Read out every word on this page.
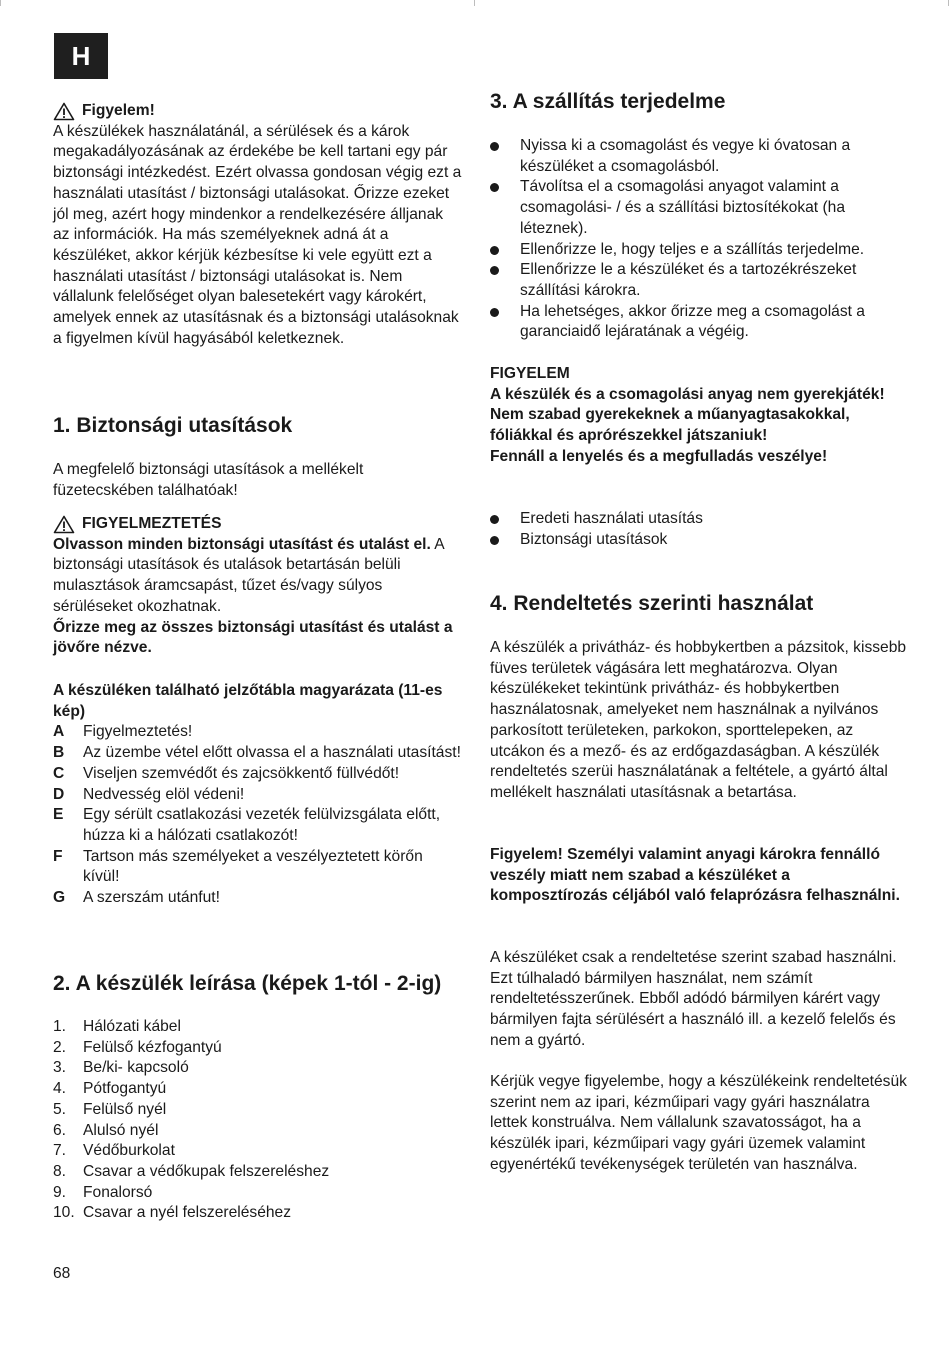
H
Figyelem!

A készülékek használatánál, a sérülések és a károk megakadályozásának az érdekébe be kell tartani egy pár biztonsági intézkedést. Ezért olvassa gondosan végig ezt a használati utasítást / biztonsági utalásokat. Őrizze ezeket jól meg, azért hogy mindenkor a rendelkezésére álljanak az információk. Ha más személyeknek adná át a készüléket, akkor kérjük kézbesítse ki vele együtt ezt a használati utasítást / biztonsági utalásokat is. Nem vállalunk felelőséget olyan balesetekért vagy károkért, amelyek ennek az utasításnak és a biztonsági utalásoknak a figyelmen kívül hagyásából keletkeznek.

1. Biztonsági utasítások

A megfelelő biztonsági utasítások a mellékelt füzetecskében találhatóak!

FIGYELMEZTETÉS

Olvasson minden biztonsági utasítást és utalást el. A biztonsági utasítások és utalások betartásán belüli mulasztások áramcsapást, tűzet és/vagy súlyos sérüléseket okozhatnak.

Őrizze meg az összes biztonsági utasítást és utalást a jövőre nézve.

A készüléken található jelzőtábla magyarázata (11-es kép)

A	Figyelmeztetés!
B	Az üzembe vétel előtt olvassa el a használati utasítást!
C	Viseljen szemvédőt és zajcsökkentő füllvédőt!
D	Nedvesség elöl védeni!
E	Egy sérült csatlakozási vezeték felülvizsgálata előtt, húzza ki a hálózati csatlakozót!
F	Tartson más személyeket a veszélyeztetett körőn kívül!
G	A szerszám utánfut!
2. A készülék leírása (képek 1-tól - 2-ig)
1.	Hálózati kábel
2.	Felülső kézfogantyú
3.	Be/ki- kapcsoló
4.	Pótfogantyú
5.	Felülső nyél
6.	Alulsó nyél
7.	Védőburkolat
8.	Csavar a védőkupak felszereléshez
9.	Fonalorsó
10. Csavar a nyél felszereléséhez
3. A szállítás terjedelme
Nyissa ki a csomagolást és vegye ki óvatosan a készüléket a csomagolásból.
Távolítsa el a csomagolási anyagot valamint a csomagolási- / és a szállítási biztosítékokat (ha léteznek).
Ellenőrizze le, hogy teljes e a szállítás terjedelme.
Ellenőrizze le a készüléket és a tartozékrészeket szállítási károkra.
Ha lehetséges, akkor őrizze meg a csomagolást a garanciaidő lejáratának a végéig.

FIGYELEM

A készülék és a csomagolási anyag nem gyerekjáték! Nem szabad gyerekeknek a műanyagtasakokkal, fóliákkal és aprórészekkel játszaniuk!

Fennáll a lenyelés és a megfulladás veszélye!

Eredeti használati utasítás
Biztonsági utasítások
4. Rendeltetés szerinti használat

A készülék a privátház- és hobbykertben a pázsitok, kissebb füves területek vágására lett meghatározva. Olyan készülékeket tekintünk privátház- és hobbykertben használatosnak, amelyeket nem használnak a nyilvános parkosított területeken, parkokon, sporttelepeken, az utcákon és a mező- és az erdőgazdaságban. A készülék rendeltetés szerüi használatának a feltétele, a gyártó által mellékelt használati utasításnak a betartása.

Figyelem! Személyi valamint anyagi károkra fennálló veszély miatt nem szabad a készüléket a komposztírozás céljából való felaprózásra felhasználni.

A készüléket csak a rendeltetése szerint szabad használni. Ezt túlhaladó bármilyen használat, nem számít rendeltetésszerűnek. Ebből adódó bármilyen kárért vagy bármilyen fajta sérülésért a használó ill. a kezelő felelős és nem a gyártó.

Kérjük vegye figyelembe, hogy a készülékeink rendeltetésük szerint nem az ipari, kézműipari vagy gyári használatra lettek konstruálva. Nem vállalunk szavatosságot, ha a készülék ipari, kézműipari vagy gyári üzemek valamint egyenértékű tevékenységek területén van használva.

68
